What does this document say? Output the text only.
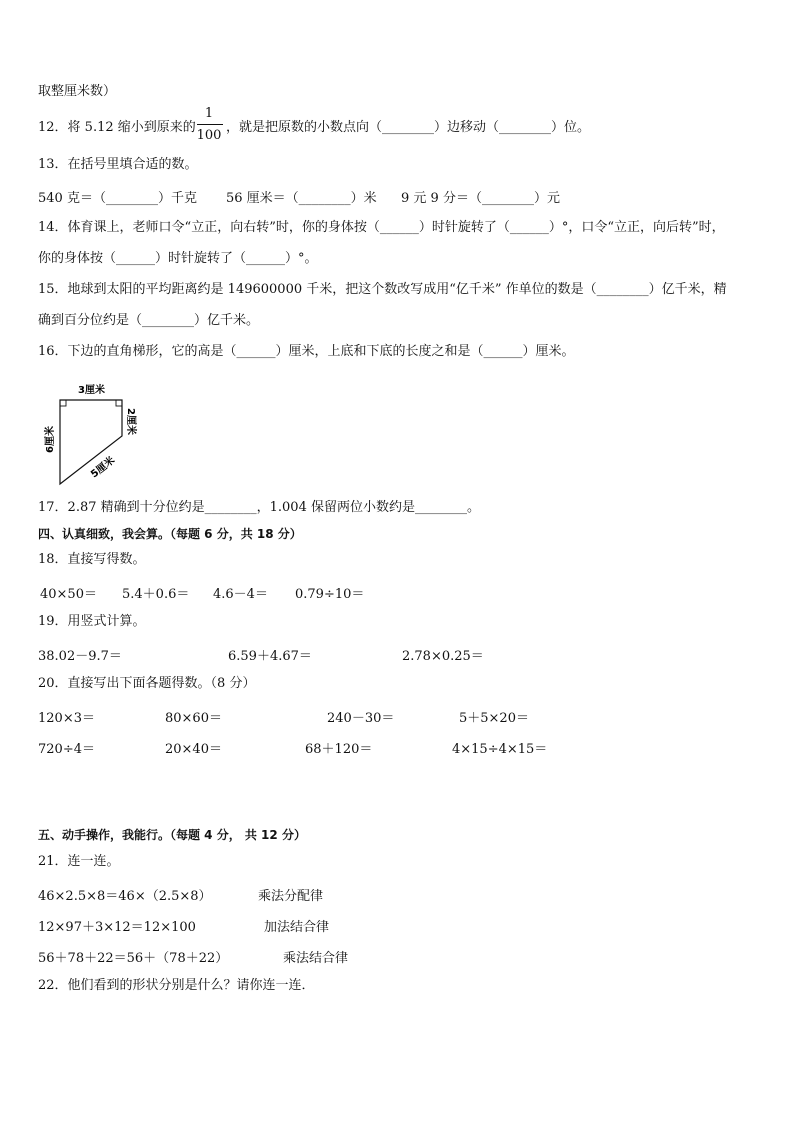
取整厘米数）
12．将 5.12 缩小到原来的
1
100
，就是把原数的小数点向（________）边移动（________）位。
13．在括号里填合适的数。
540 克＝（________）千克 56 厘米＝（________）米 9 元 9 分＝（________）元
14．体育课上，老师口令“立正，向右转”时，你的身体按（______）时针旋转了（______）°，口令“立正，向后转”时，
你的身体按（______）时针旋转了（______）°。
15．地球到太阳的平均距离约是 149600000 千米，把这个数改写成用“亿千米” 作单位的数是（________）亿千米，精
确到百分位约是（________）亿千米。
16．下边的直角梯形，它的高是（______）厘米，上底和下底的长度之和是（______）厘米。
3厘米
2厘米
6厘米
5厘米
17．2.87 精确到十分位约是________，1.004 保留两位小数约是________。
四、认真细致，我会算。（每题 6 分，共 18 分）
18．直接写得数。
40×50＝ 5.4＋0.6＝ 4.6－4＝ 0.79÷10＝
19．用竖式计算。
38.02－9.7＝	6.59＋4.67＝	2.78×0.25＝
20．直接写出下面各题得数。（8 分）
120×3＝	80×60＝	240－30＝	5＋5×20＝
720÷4＝	20×40＝	68＋120＝	4×15÷4×15＝
五、动手操作，我能行。（每题 4 分， 共 12 分）
21．连一连。
46×2.5×8＝46×（2.5×8）	乘法分配律
12×97＋3×12＝12×100	加法结合律
56＋78＋22＝56＋（78＋22）	乘法结合律
22．他们看到的形状分别是什么？请你连一连．
